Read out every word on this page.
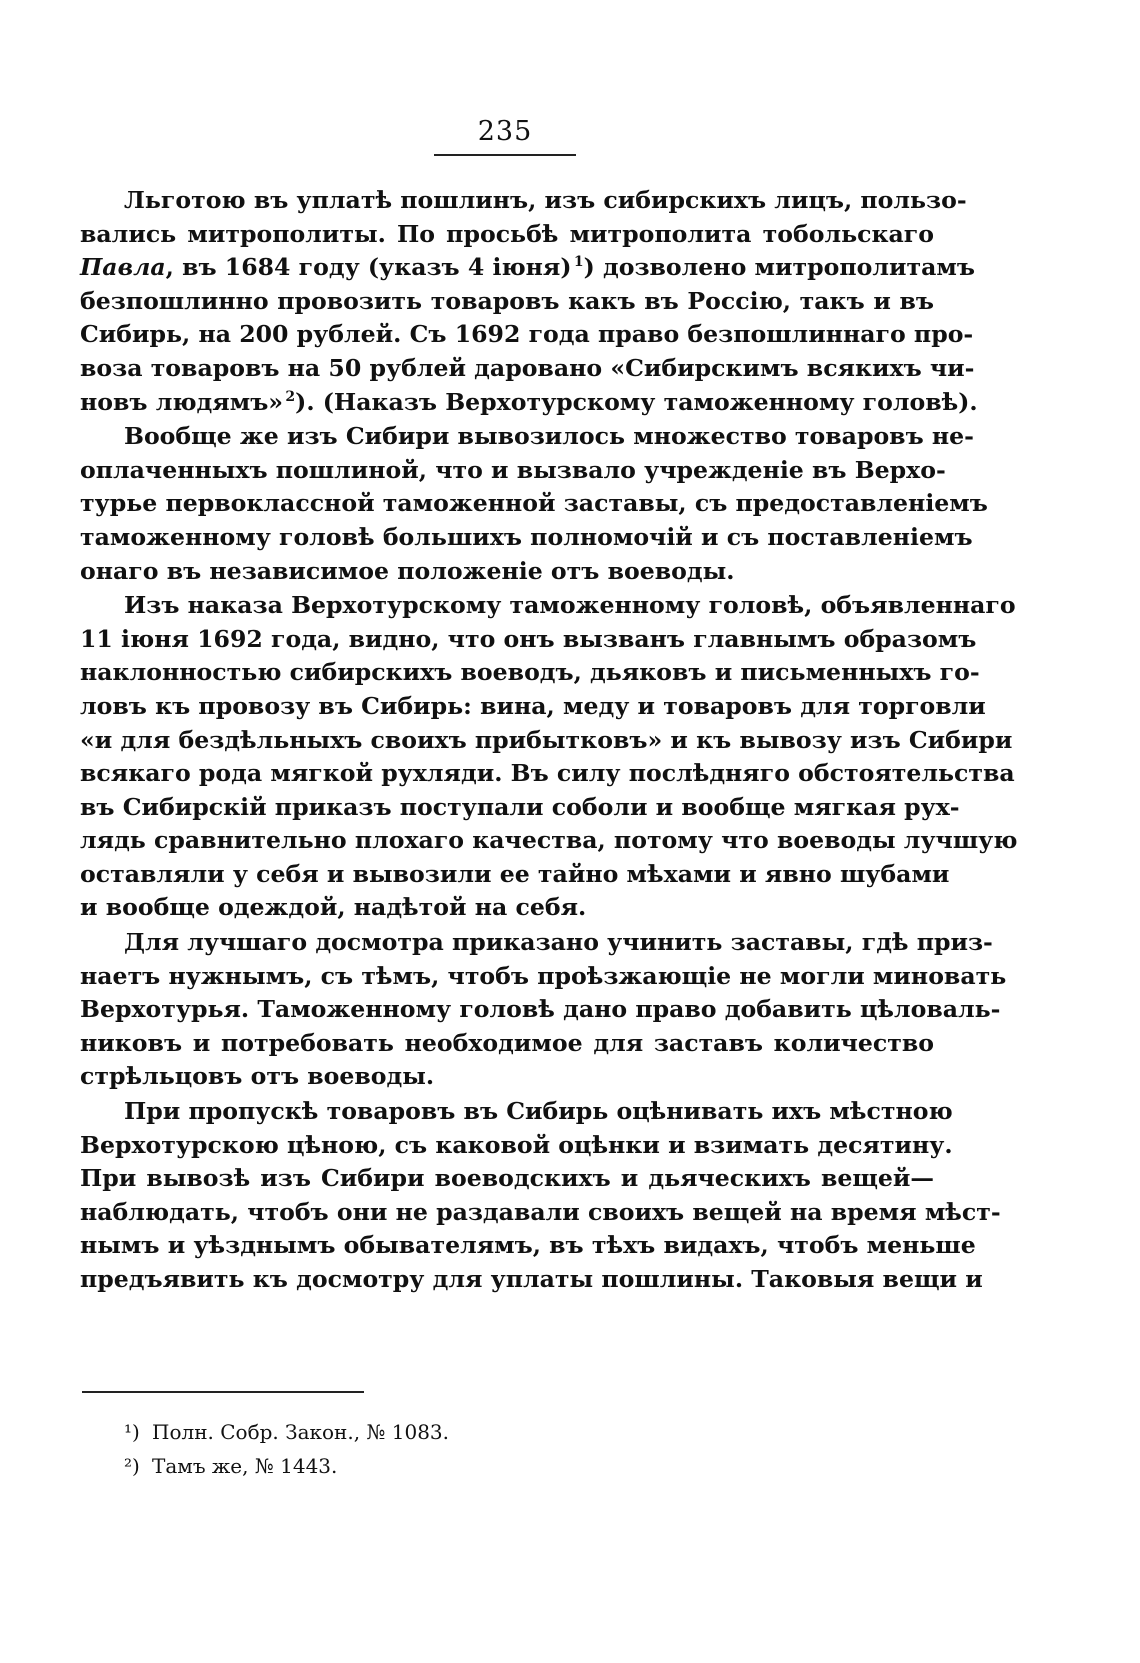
235
Льготою въ уплатѣ пошлинъ, изъ сибирскихъ лицъ, пользо-
вались митрополиты. По просьбѣ митрополита тобольскаго
Павла, въ 1684 году (указъ 4 іюня)  $^1$) дозволено митрополитамъ
безпошлинно провозить товаровъ какъ въ Россію, такъ и въ
Сибирь, на 200 рублей. Съ 1692 года право безпошлиннаго про-
воза товаровъ на 50 рублей даровано «Сибирскимъ всякихъ чи-
новъ людямъ»  $^2$). (Наказъ Верхотурскому таможенному головѣ).
Вообще же изъ Сибири вывозилось множество товаровъ не-
оплаченныхъ пошлиной, что и вызвало учрежденіе въ Верхо-
турье первоклассной таможенной заставы, съ предоставленіемъ
таможенному головѣ большихъ полномочій и съ поставленіемъ
онаго въ независимое положеніе отъ воеводы.
Изъ наказа Верхотурскому таможенному головѣ, объявленнаго
11 іюня 1692 года, видно, что онъ вызванъ главнымъ образомъ
наклонностью сибирскихъ воеводъ, дьяковъ и письменныхъ го-
ловъ къ провозу въ Сибирь: вина, меду и товаровъ для торговли
«и для бездѣльныхъ своихъ прибытковъ» и къ вывозу изъ Сибири
всякаго рода мягкой рухляди. Въ силу послѣдняго обстоятельства
въ Сибирскій приказъ поступали соболи и вообще мягкая рух-
лядь сравнительно плохаго качества, потому что воеводы лучшую
оставляли у себя и вывозили ее тайно мѣхами и явно шубами
и вообще одеждой, надѣтой на себя.
Для лучшаго досмотра приказано учинить заставы, гдѣ приз-
наетъ нужнымъ, съ тѣмъ, чтобъ проѣзжающіе не могли миновать
Верхотурья. Таможенному головѣ дано право добавить цѣловаль-
никовъ и потребовать необходимое для заставъ количество
стрѣльцовъ отъ воеводы.
При пропускѣ товаровъ въ Сибирь оцѣнивать ихъ мѣстною
Верхотурскою цѣною, съ каковой оцѣнки и взимать десятину.
При вывозѣ изъ Сибири воеводскихъ и дьяческихъ вещей—
наблюдать, чтобъ они не раздавали своихъ вещей на время мѣст-
нымъ и уѣзднымъ обывателямъ, въ тѣхъ видахъ, чтобъ меньше
предъявить къ досмотру для уплаты пошлины. Таковыя вещи и
¹) Полн. Собр. Закон., № 1083.
²) Тамъ же, № 1443.
